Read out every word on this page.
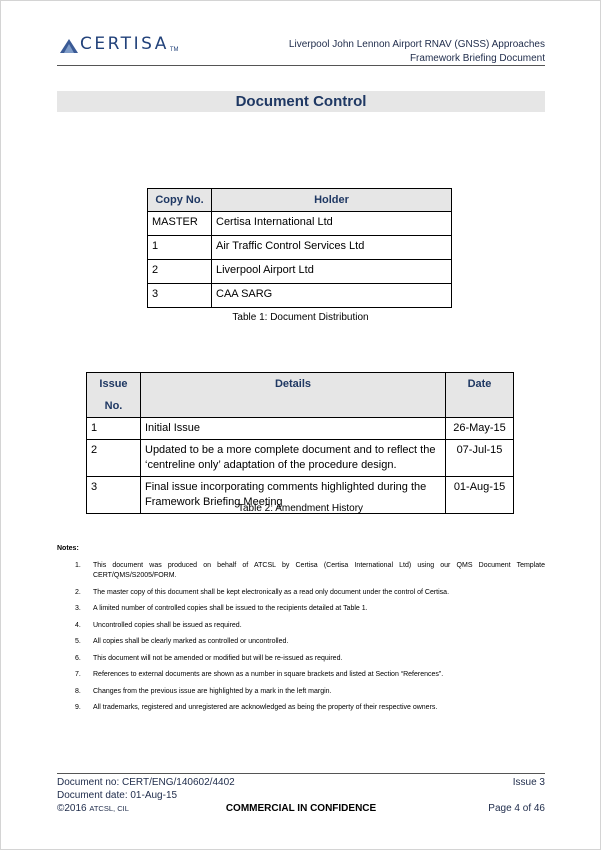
CERTISA TM	Liverpool John Lennon Airport RNAV (GNSS) Approaches
Framework Briefing Document
Document Control
Copy No.	Holder
MASTER	Certisa International Ltd
1	Air Traffic Control Services Ltd
2	Liverpool Airport Ltd
3	CAA SARG
Table 1: Document Distribution
Issue No.	Details	Date
1	Initial Issue	26-May-15
2	Updated to be a more complete document and to reflect the ‘centreline only’ adaptation of the procedure design.	07-Jul-15
3	Final issue incorporating comments highlighted during the Framework Briefing Meeting	01-Aug-15
Table 2: Amendment History
Notes:
1. This document was produced on behalf of ATCSL by Certisa (Certisa International Ltd) using our QMS Document Template CERT/QMS/S2005/FORM.
2. The master copy of this document shall be kept electronically as a read only document under the control of Certisa.
3. A limited number of controlled copies shall be issued to the recipients detailed at Table 1.
4. Uncontrolled copies shall be issued as required.
5. All copies shall be clearly marked as controlled or uncontrolled.
6. This document will not be amended or modified but will be re-issued as required.
7. References to external documents are shown as a number in square brackets and listed at Section “References”.
8. Changes from the previous issue are highlighted by a mark in the left margin.
9. All trademarks, registered and unregistered are acknowledged as being the property of their respective owners.
Document no: CERT/ENG/140602/4402	Issue 3
Document date: 01-Aug-15
©2016 ATCSL, CIL	COMMERCIAL IN CONFIDENCE	Page 4 of 46
